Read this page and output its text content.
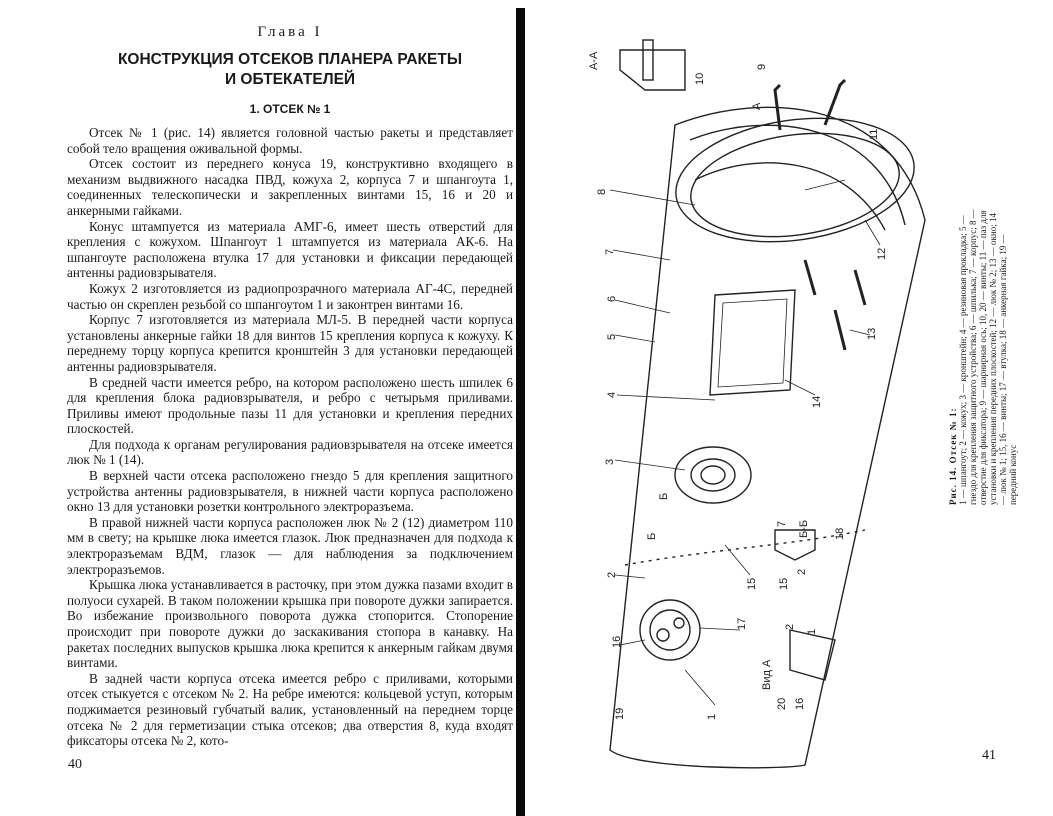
Глава I
КОНСТРУКЦИЯ ОТСЕКОВ ПЛАНЕРА РАКЕТЫ
И ОБТЕКАТЕЛЕЙ
1. ОТСЕК № 1

Отсек № 1 (рис. 14) является головной частью ракеты и представляет собой тело вращения оживальной формы.

Отсек состоит из переднего конуса 19, конструктивно входящего в механизм выдвижного насадка ПВД, кожуха 2, корпуса 7 и шпангоута 1, соединенных телескопически и закрепленных винтами 15, 16 и 20 и анкерными гайками.

Конус штампуется из материала АМГ-6, имеет шесть отверстий для крепления с кожухом. Шпангоут 1 штампуется из материала АК-6. На шпангоуте расположена втулка 17 для установки и фиксации передающей антенны радиовзрывателя.

Кожух 2 изготовляется из радиопрозрачного материала АГ-4С, передней частью он скреплен резьбой со шпангоутом 1 и законтрен винтами 16.

Корпус 7 изготовляется из материала МЛ-5. В передней части корпуса установлены анкерные гайки 18 для винтов 15 крепления корпуса к кожуху. К переднему торцу корпуса крепится кронштейн 3 для установки передающей антенны радиовзрывателя.

В средней части имеется ребро, на котором расположено шесть шпилек 6 для крепления блока радиовзрывателя, и ребро с четырьмя приливами. Приливы имеют продольные пазы 11 для установки и крепления передних плоскостей.

Для подхода к органам регулирования радиовзрывателя на отсеке имеется люк № 1 (14).

В верхней части отсека расположено гнездо 5 для крепления защитного устройства антенны радиовзрывателя, в нижней части корпуса расположено окно 13 для установки розетки контрольного электроразъема.

В правой нижней части корпуса расположен люк № 2 (12) диаметром 110 мм в свету; на крышке люка имеется глазок. Люк предназначен для подхода к электроразъемам ВДМ, глазок — для наблюдения за подключением электроразъемов.

Крышка люка устанавливается в расточку, при этом дужка пазами входит в полуоси сухарей. В таком положении крышка при повороте дужки запирается. Во избежание произвольного поворота дужка стопорится. Стопорение происходит при повороте дужки до заскакивания стопора в канавку. На ракетах последних выпусков крышка люка крепится к анкерным гайкам двумя винтами.

В задней части корпуса отсека имеется ребро с приливами, которыми отсек стыкуется с отсеком № 2. На ребре имеются: кольцевой уступ, которым поджимается резиновый губчатый валик, установленный на переднем торце отсека № 2 для герметизации стыка отсеков; два отверстия 8, куда входят фиксаторы отсека № 2, кото-

40
А-А
10
9
А
11
8
12
7
6
5	13
4
14
3
Б
Б	Б-Б
7
18
15 15
2
2
17
16
1
Вид А
2
1
20 16
19
Рис. 14. Отсек № 1: 1 — шпангоут; 2 — кожух; 3 — кронштейн; 4 — резиновая прокладка; 5 — гнездо для крепления защитного устройства; 6 — шпилька; 7 — корпус; 8 — отверстие для фиксатора; 9 — шарнирная ось; 10, 20 — винты; 11 — паз для установки и крепления передних плоскостей; 12 — люк № 2; 13 — окно; 14 — люк № 1; 15, 16 — винты; 17 — втулка; 18 — анкерная гайка; 19 — передний конус
41
